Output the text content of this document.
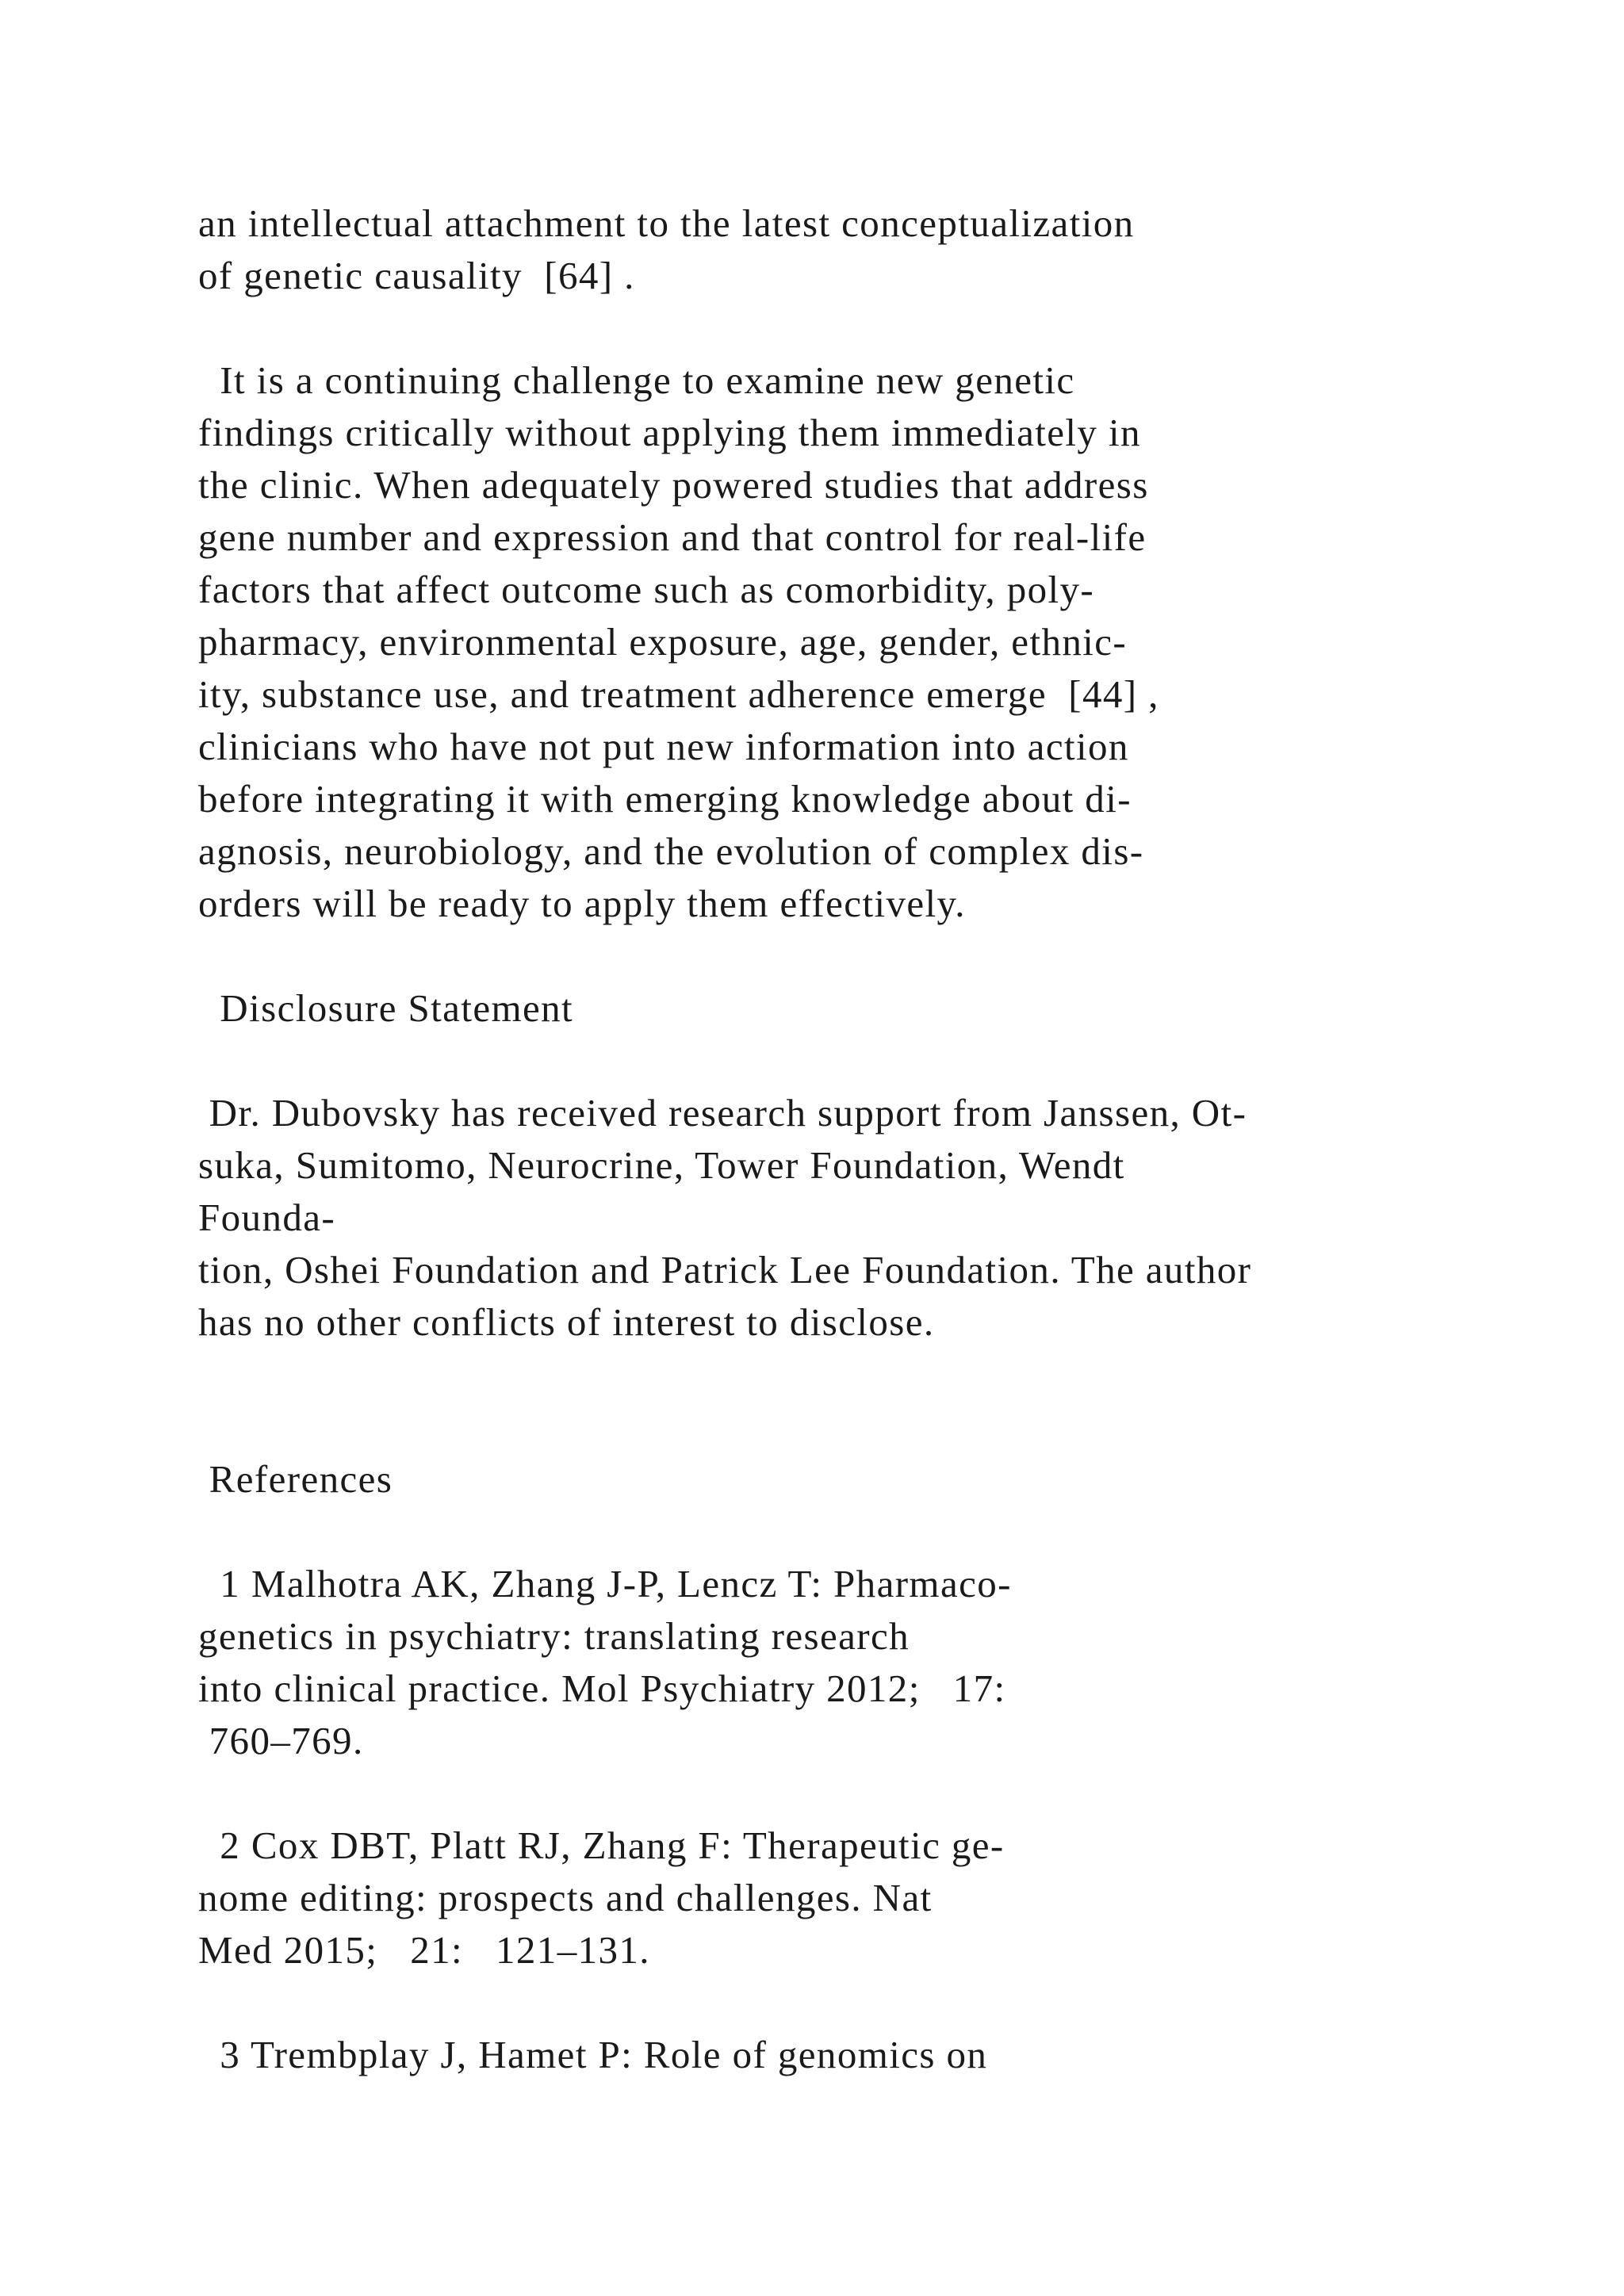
an intellectual attachment to the latest conceptualization

of genetic causality  [64] .

It is a continuing challenge to examine new genetic

findings critically without applying them immediately in

the clinic. When adequately powered studies that address

gene number and expression and that control for real-life

factors that affect outcome such as comorbidity, poly-

pharmacy, environmental exposure, age, gender, ethnic-

ity, substance use, and treatment adherence emerge  [44] ,

clinicians who have not put new information into action

before integrating it with emerging knowledge about di-

agnosis, neurobiology, and the evolution of complex dis-

orders will be ready to apply them effectively.

Disclosure Statement

Dr. Dubovsky has received research support from Janssen, Ot-

suka, Sumitomo, Neurocrine, Tower Foundation, Wendt

Founda-

tion, Oshei Foundation and Patrick Lee Foundation. The author

has no other conflicts of interest to disclose.

References

1 Malhotra AK, Zhang J-P, Lencz T: Pharmaco-

genetics in psychiatry: translating research

into clinical practice. Mol Psychiatry 2012;   17:

760–769.

2 Cox DBT, Platt RJ, Zhang F: Therapeutic ge-

nome editing: prospects and challenges. Nat

Med 2015;   21:   121–131.

3 Trembplay J, Hamet P: Role of genomics on
